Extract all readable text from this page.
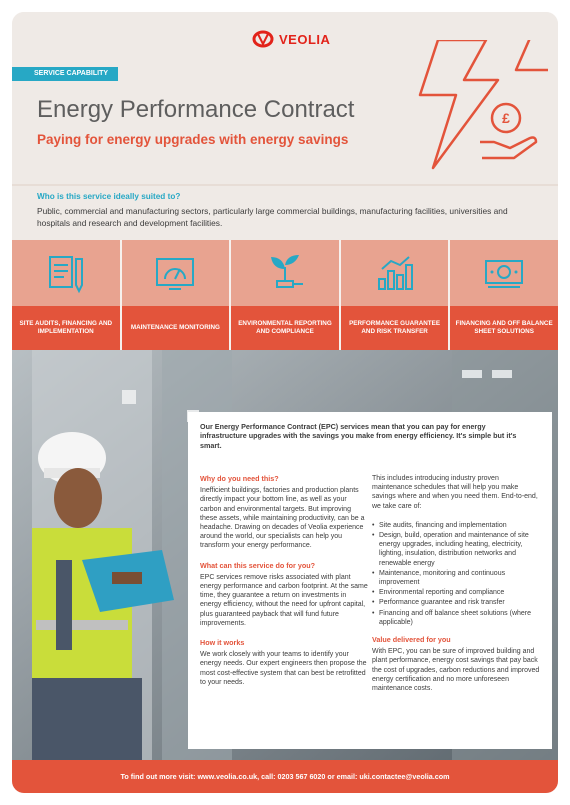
VEOLIA
SERVICE CAPABILITY
Energy Performance Contract
Paying for energy upgrades with energy savings
£
Who is this service ideally suited to?
Public, commercial and manufacturing sectors, particularly large commercial buildings, manufacturing facilities, universities and hospitals and research and development facilities.
SITE AUDITS, FINANCING AND IMPLEMENTATION
MAINTENANCE MONITORING
ENVIRONMENTAL REPORTING AND COMPLIANCE
PERFORMANCE GUARANTEE AND RISK TRANSFER
FINANCING AND OFF BALANCE SHEET SOLUTIONS
Our Energy Performance Contract (EPC) services mean that you can pay for energy infrastructure upgrades with the savings you make from energy efficiency. It's simple but it's smart.
Why do you need this?
Inefficient buildings, factories and production plants directly impact your bottom line, as well as your carbon and environmental targets. But improving these assets, while maintaining productivity, can be a headache. Drawing on decades of Veolia experience around the world, our specialists can help you transform your energy performance.
What can this service do for you?
EPC services remove risks associated with plant energy performance and carbon footprint. At the same time, they guarantee a return on investments in energy efficiency, without the need for upfront capital, plus guaranteed payback that will fund future improvements.
How it works
We work closely with your teams to identify your energy needs. Our expert engineers then propose the most cost-effective system that can best be retrofitted to your needs.
This includes introducing industry proven maintenance schedules that will help you make savings where and when you need them. End-to-end, we take care of:
• Site audits, financing and implementation
• Design, build, operation and maintenance of site energy upgrades, including heating, electricity, lighting, insulation, distribution networks and renewable energy
• Maintenance, monitoring and continuous improvement
• Environmental reporting and compliance
• Performance guarantee and risk transfer
• Financing and off balance sheet solutions (where applicable)
Value delivered for you
With EPC, you can be sure of improved building and plant performance, energy cost savings that pay back the cost of upgrades, carbon reductions and improved energy certification and no more unforeseen maintenance costs.
To find out more visit: www.veolia.co.uk, call: 0203 567 6020 or email: uki.contactee@veolia.com
